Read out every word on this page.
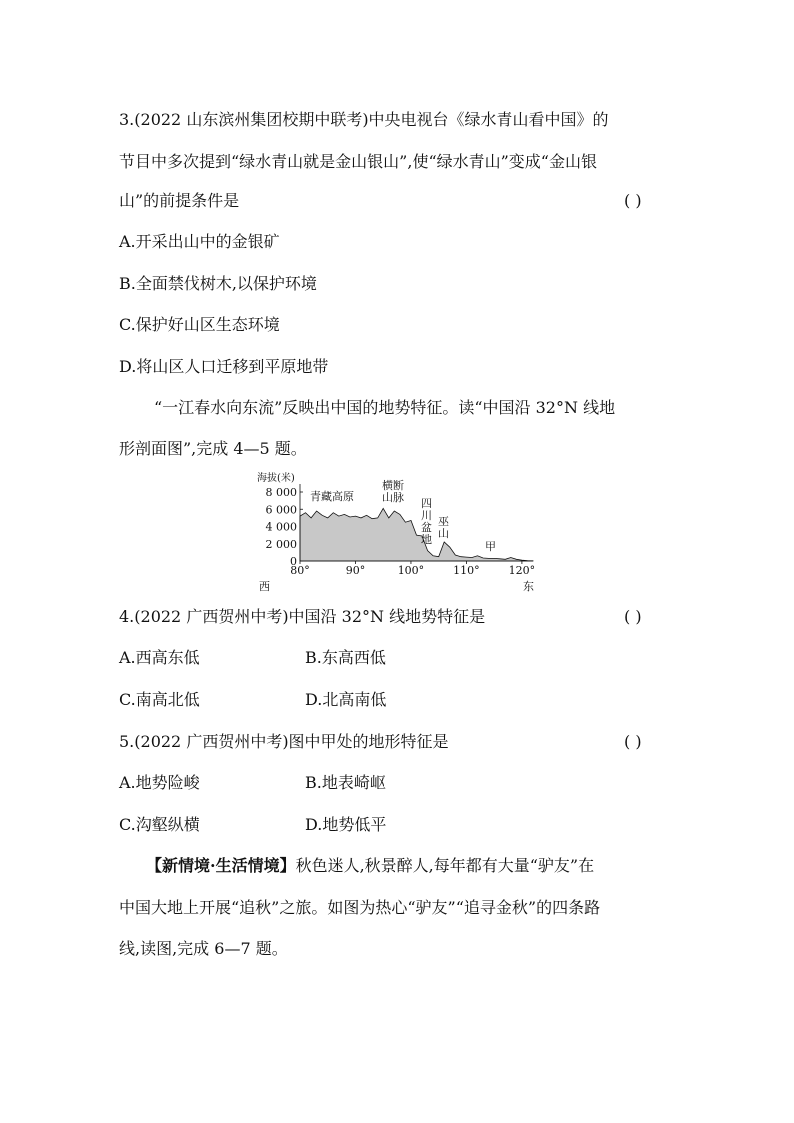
3.(2022 山东滨州集团校期中联考)中央电视台《绿水青山看中国》的
节目中多次提到“绿水青山就是金山银山”,使“绿水青山”变成“金山银
山”的前提条件是	( )
A.开采出山中的金银矿
B.全面禁伐树木,以保护环境
C.保护好山区生态环境
D.将山区人口迁移到平原地带
“一江春水向东流”反映出中国的地势特征。读“中国沿 32°N 线地
形剖面图”,完成 4—5 题。
海拔(米)
8 000
6 000
4 000
2 000
0
80°	90°	100°	110°	120°
西	东
青藏高原
横断山脉 四川盆地
巫山
甲
4.(2022 广西贺州中考)中国沿 32°N 线地势特征是	( )
A.西高东低	B.东高西低
C.南高北低	D.北高南低
5.(2022 广西贺州中考)图中甲处的地形特征是	( )
A.地势险峻	B.地表崎岖
C.沟壑纵横	D.地势低平
【新情境·生活情境】秋色迷人,秋景醉人,每年都有大量“驴友”在
中国大地上开展“追秋”之旅。如图为热心“驴友”“追寻金秋”的四条路
线,读图,完成 6—7 题。
